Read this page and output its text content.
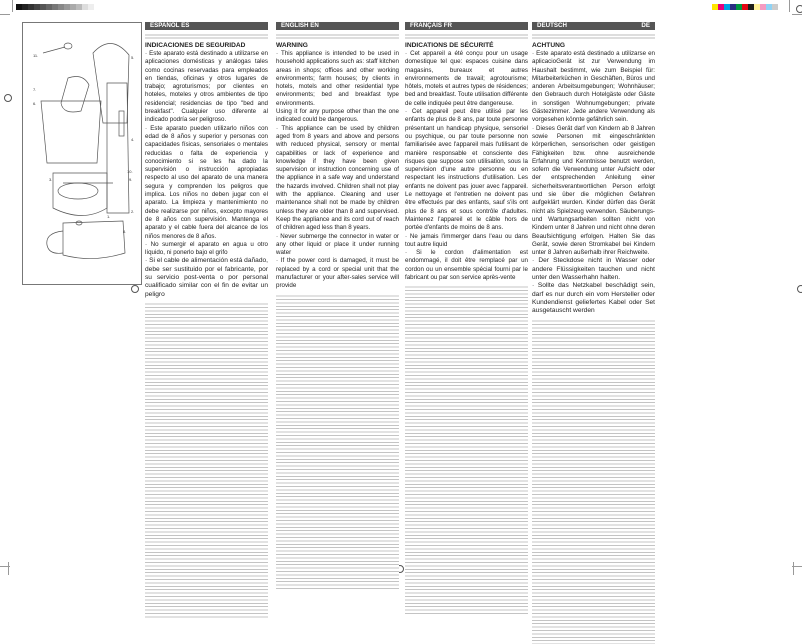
11.	5.
7.
6.
4.
10.
9.
3.
1.
2.
8.
ESPAÑOL ES
INDICACIONES DE SEGURIDAD

· Este aparato está destinado a utilizarse en aplicaciones domésticas y análogas tales como cocinas reservadas para empleados en tiendas, oficinas y otros lugares de trabajo; agroturismos; por clientes en hoteles, moteles y otros ambientes de tipo residencial; residencias de tipo "bed and breakfast". Cualquier uso diferente al indicado podría ser peligroso.

· Este aparato pueden utilizarlo niños con edad de 8 años y superior y personas con capacidades físicas, sensoriales o mentales reducidas o falta de experiencia y conocimiento si se les ha dado la supervisión o instrucción apropiadas respecto al uso del aparato de una manera segura y comprenden los peligros que implica. Los niños no deben jugar con el aparato. La limpieza y mantenimiento no debe realizarse por niños, excepto mayores de 8 años con supervisión. Mantenga el aparato y el cable fuera del alcance de los niños menores de 8 años.

· No sumergir el aparato en agua u otro líquido, ni ponerlo bajo el grifo

· Si el cable de alimentación está dañado, debe ser sustituido por el fabricante, por su servicio post-venta o por personal cualificado similar con el fin de evitar un peligro

ENGLISH EN
WARNING

· This appliance is intended to be used in household applications such as: staff kitchen areas in shops; offices and other working environments; farm houses; by clients in hotels, motels and other residential type environments; bed and breakfast type environments.

Using it for any purpose other than the one indicated could be dangerous.

· This appliance can be used by children aged from 8 years and above and persons with reduced physical, sensory or mental capabilities or lack of experience and knowledge if they have been given supervision or instruction concerning use of the appliance in a safe way and understand the hazards involved. Children shall not play with the appliance. Cleaning and user maintenance shall not be made by children unless they are older than 8 and supervised. Keep the appliance and its cord out of reach of children aged less than 8 years.

· Never submerge the connector in water or any other liquid or place it under running water

· If the power cord is damaged, it must be replaced by a cord or special unit that the manufacturer or your after-sales service will provide

FRANÇAIS FR
INDICATIONS DE SÉCURITÉ

· Cet appareil a été conçu pour un usage domestique tel que: espaces cuisine dans magasins, bureaux et autres environnements de travail; agrotourisme; hôtels, motels et autres types de résidences; bed and breakfast. Toute utilisation différente de celle indiquée peut être dangereuse.

· Cet appareil peut être utilisé par les enfants de plus de 8 ans, par toute personne présentant un handicap physique, sensoriel ou psychique, ou par toute personne non familiarisée avec l'appareil mais l'utilisant de manière responsable et consciente des risques que suppose son utilisation, sous la supervision d'une autre personne ou en respectant les instructions d'utilisation. Les enfants ne doivent pas jouer avec l'appareil. Le nettoyage et l'entretien ne doivent pas être effectués par des enfants, sauf s'ils ont plus de 8 ans et sous contrôle d'adultes. Maintenez l'appareil et le câble hors de portée d'enfants de moins de 8 ans.

· Ne jamais l'immerger dans l'eau ou dans tout autre liquid

· Si le cordon d'alimentation est endommagé, il doit être remplacé par un cordon ou un ensemble spécial fourni par le fabricant ou par son service après-vente

DEUTSCH	DE
ACHTUNG

· Este aparato está destinado a utilizarse en aplicacioGerät ist zur Verwendung im Haushalt bestimmt, wie zum Beispiel für: Mitarbeiterküchen in Geschäften, Büros und anderen Arbeitsumgebungen; Wohnhäuser; den Gebrauch durch Hotelgäste oder Gäste in sonstigen Wohnumgebungen; private Gästezimmer. Jede andere Verwendung als vorgesehen könnte gefährlich sein.

· Dieses Gerät darf von Kindern ab 8 Jahren sowie Personen mit eingeschränkten körperlichen, sensorischen oder geistigen Fähigkeiten bzw. ohne ausreichende Erfahrung und Kenntnisse benutzt werden, sofern die Verwendung unter Aufsicht oder der entsprechenden Anleitung einer sicherheitsverantwortlichen Person erfolgt und sie über die möglichen Gefahren aufgeklärt wurden. Kinder dürfen das Gerät nicht als Spielzeug verwenden. Säuberungs- und Wartungsarbeiten sollten nicht von Kindern unter 8 Jahren und nicht ohne deren Beaufsichtigung erfolgen. Halten Sie das Gerät, sowie deren Stromkabel bei Kindern unter 8 Jahren außerhalb ihrer Reichweite.

· Der Steckdose nicht in Wasser oder andere Flüssigkeiten tauchen und nicht unter den Wasserhahn halten.

· Sollte das Netzkabel beschädigt sein, darf es nur durch ein vom Hersteller oder Kundendienst geliefertes Kabel oder Set ausgetauscht werden
